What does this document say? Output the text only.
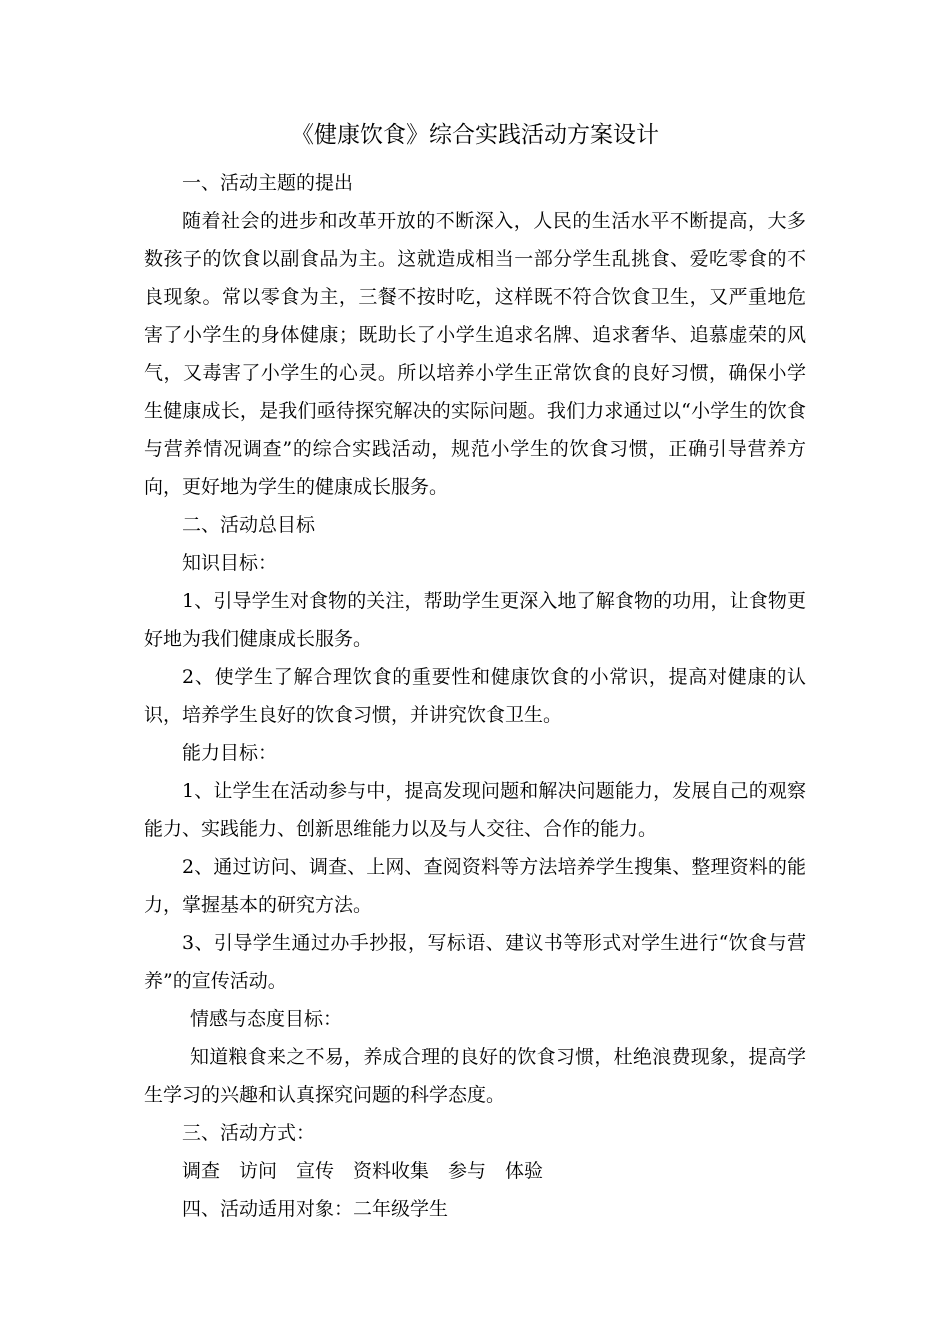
《健康饮食》综合实践活动方案设计

一、活动主题的提出

随着社会的进步和改革开放的不断深入，人民的生活水平不断提高，大多数孩子的饮食以副食品为主。这就造成相当一部分学生乱挑食、爱吃零食的不良现象。常以零食为主，三餐不按时吃，这样既不符合饮食卫生，又严重地危害了小学生的身体健康；既助长了小学生追求名牌、追求奢华、追慕虚荣的风气，又毒害了小学生的心灵。所以培养小学生正常饮食的良好习惯，确保小学生健康成长，是我们亟待探究解决的实际问题。我们力求通过以“小学生的饮食与营养情况调查”的综合实践活动，规范小学生的饮食习惯，正确引导营养方向，更好地为学生的健康成长服务。

二、活动总目标

知识目标：

1、引导学生对食物的关注，帮助学生更深入地了解食物的功用，让食物更好地为我们健康成长服务。

2、使学生了解合理饮食的重要性和健康饮食的小常识，提高对健康的认识，培养学生良好的饮食习惯，并讲究饮食卫生。

能力目标：

1、让学生在活动参与中，提高发现问题和解决问题能力，发展自己的观察能力、实践能力、创新思维能力以及与人交往、合作的能力。

2、通过访问、调查、上网、查阅资料等方法培养学生搜集、整理资料的能力，掌握基本的研究方法。

3、引导学生通过办手抄报，写标语、建议书等形式对学生进行“饮食与营养”的宣传活动。

情感与态度目标：

知道粮食来之不易，养成合理的良好的饮食习惯，杜绝浪费现象，提高学生学习的兴趣和认真探究问题的科学态度。

三、活动方式：

调查　访问　宣传　资料收集　参与　体验

四、活动适用对象：二年级学生
